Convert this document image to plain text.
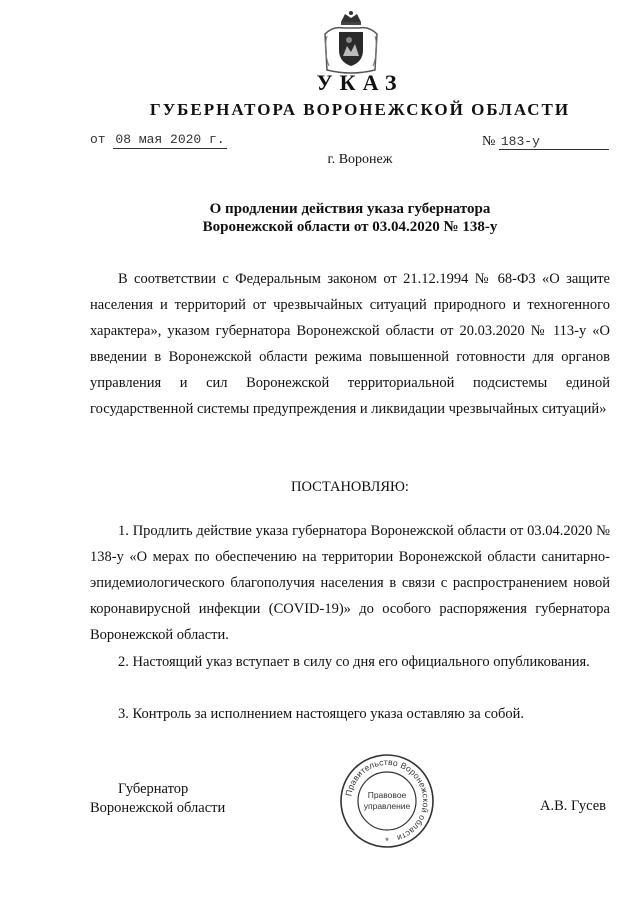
УКАЗ
ГУБЕРНАТОРА ВОРОНЕЖСКОЙ ОБЛАСТИ
от 08 мая 2020 г.	№ 183-у
г. Воронеж
О продлении действия указа губернатора
Воронежской области от 03.04.2020 № 138-у

В соответствии с Федеральным законом от 21.12.1994 № 68-ФЗ «О защите населения и территорий от чрезвычайных ситуаций природного и техногенного характера», указом губернатора Воронежской области от 20.03.2020 № 113-у «О введении в Воронежской области режима повышенной готовности для органов управления и сил Воронежской территориальной подсистемы единой государственной системы предупреждения и ликвидации чрезвычайных ситуаций»

ПОСТАНОВЛЯЮ:

1. Продлить действие указа губернатора Воронежской области от 03.04.2020 № 138-у «О мерах по обеспечению на территории Воронежской области санитарно-эпидемиологического благополучия населения в связи с распространением новой коронавирусной инфекции (COVID-19)» до особого распоряжения губернатора Воронежской области.

2. Настоящий указ вступает в силу со дня его официального опубликования.

3. Контроль за исполнением настоящего указа оставляю за собой.

Губернатор
Воронежской области
Правительство Воронежской области
Правовое
управление
*
А.В. Гусев
